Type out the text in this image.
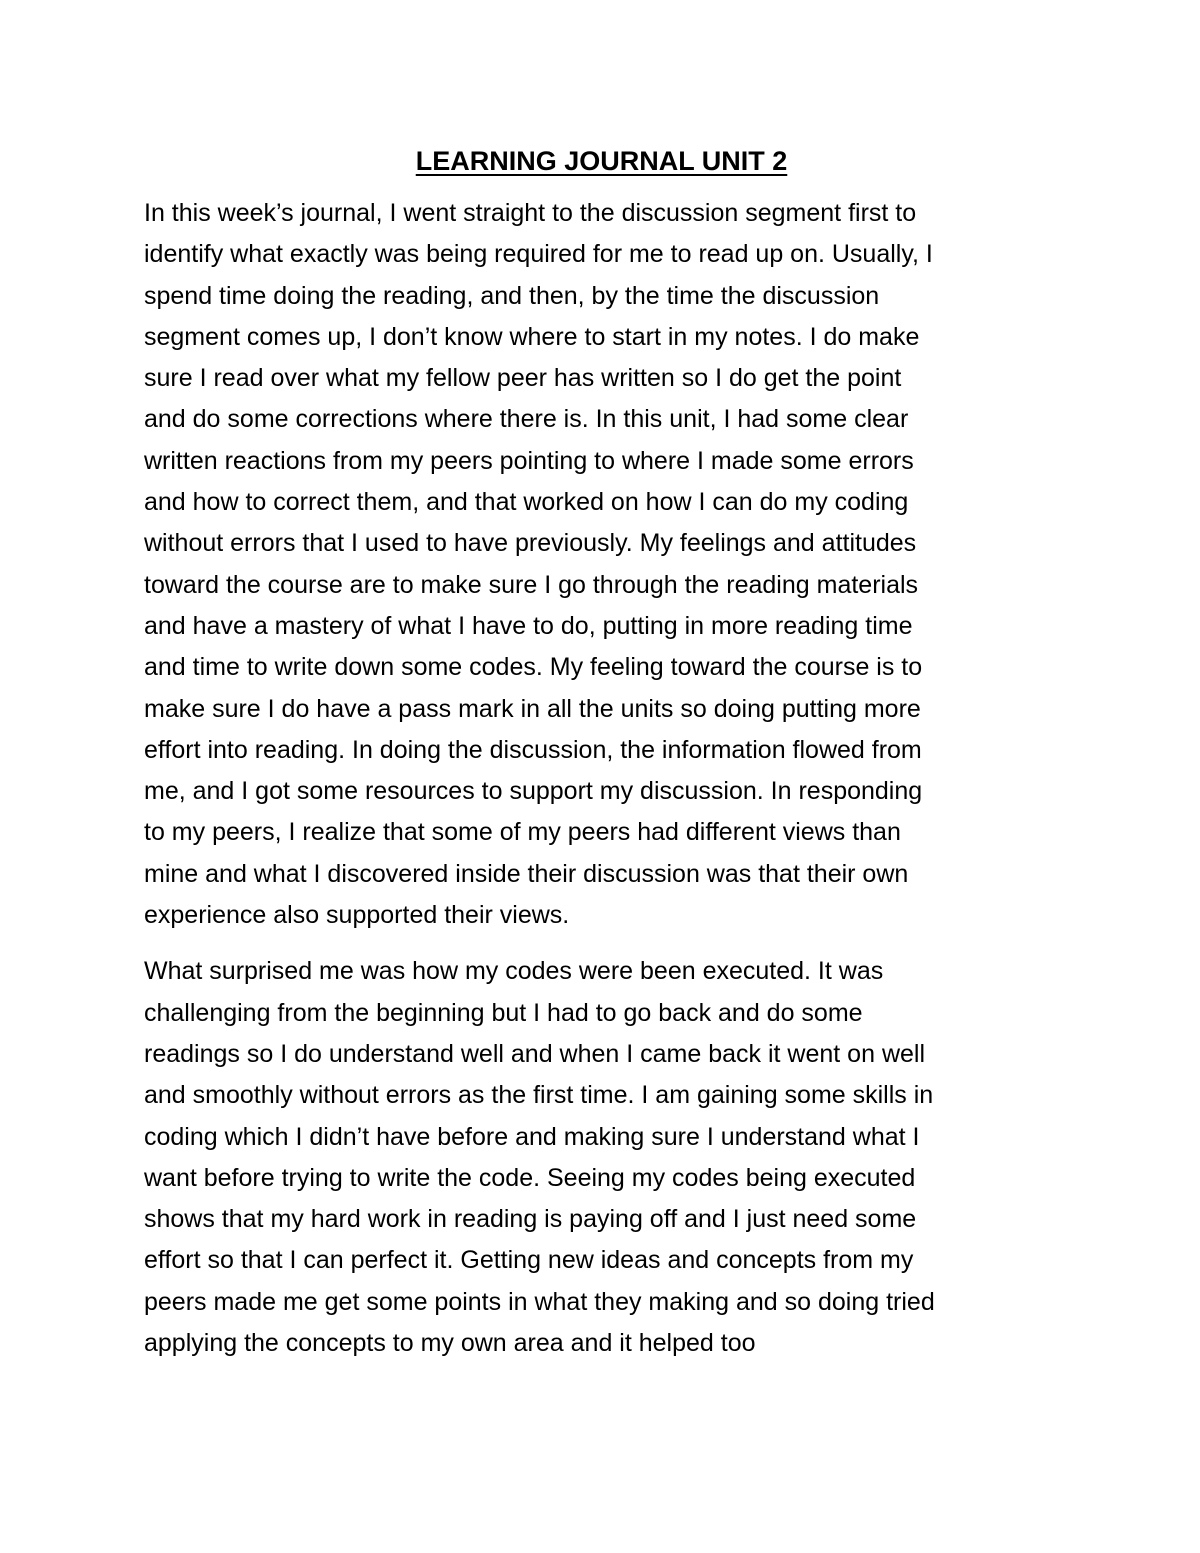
LEARNING JOURNAL UNIT 2

In this week’s journal, I went straight to the discussion segment first to
identify what exactly was being required for me to read up on. Usually, I
spend time doing the reading, and then, by the time the discussion
segment comes up, I don’t know where to start in my notes. I do make
sure I read over what my fellow peer has written so I do get the point
and do some corrections where there is. In this unit, I had some clear
written reactions from my peers pointing to where I made some errors
and how to correct them, and that worked on how I can do my coding
without errors that I used to have previously. My feelings and attitudes
toward the course are to make sure I go through the reading materials
and have a mastery of what I have to do, putting in more reading time
and time to write down some codes. My feeling toward the course is to
make sure I do have a pass mark in all the units so doing putting more
effort into reading. In doing the discussion, the information flowed from
me, and I got some resources to support my discussion. In responding
to my peers, I realize that some of my peers had different views than
mine and what I discovered inside their discussion was that their own
experience also supported their views.

What surprised me was how my codes were been executed. It was
challenging from the beginning but I had to go back and do some
readings so I do understand well and when I came back it went on well
and smoothly without errors as the first time. I am gaining some skills in
coding which I didn’t have before and making sure I understand what I
want before trying to write the code. Seeing my codes being executed
shows that my hard work in reading is paying off and I just need some
effort so that I can perfect it. Getting new ideas and concepts from my
peers made me get some points in what they making and so doing tried
applying the concepts to my own area and it helped too
